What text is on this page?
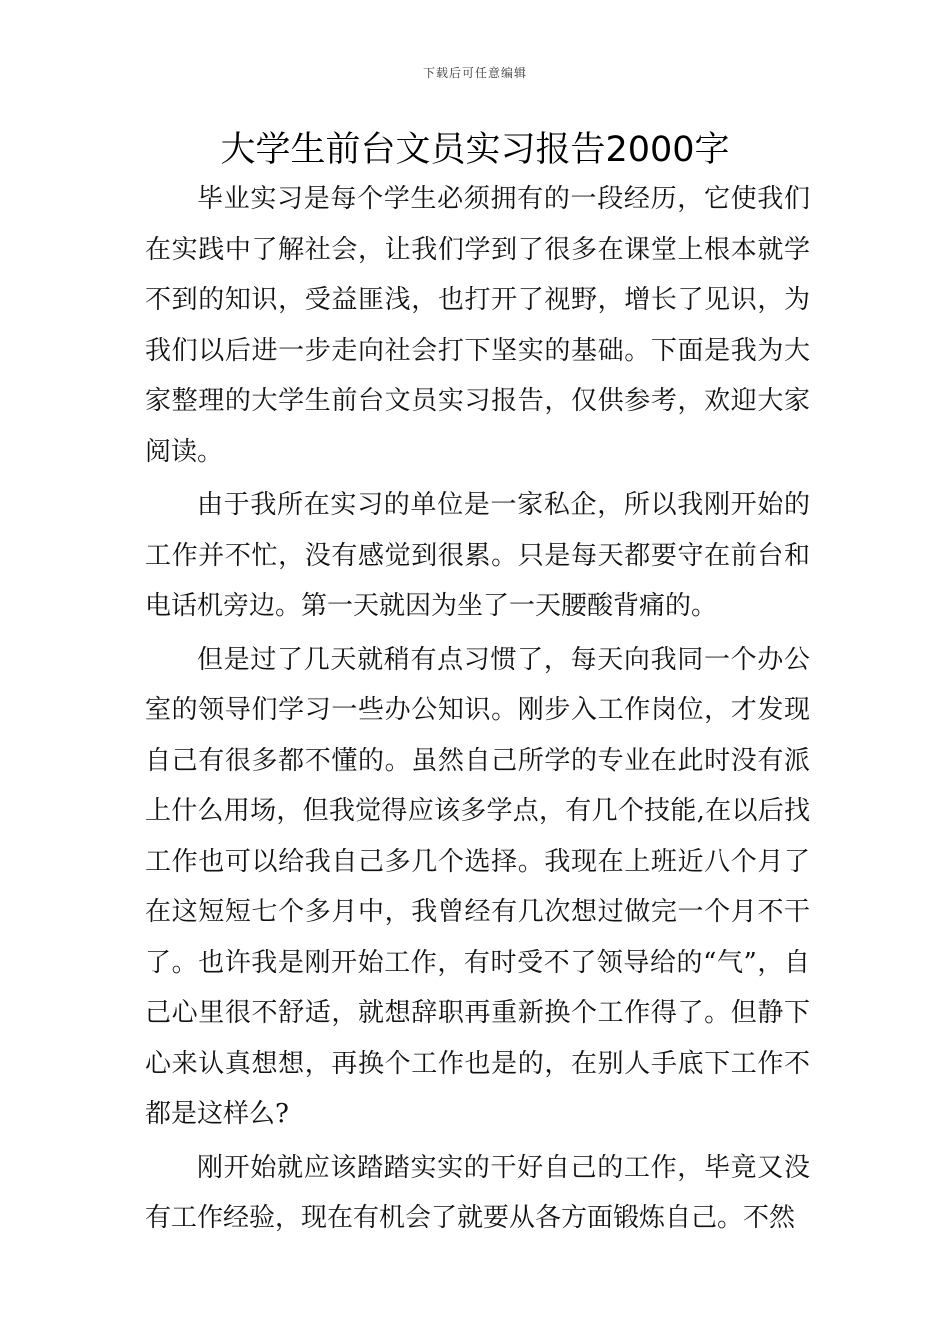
下载后可任意编辑
大学生前台文员实习报告2000字

毕业实习是每个学生必须拥有的一段经历，它使我们在实践中了解社会，让我们学到了很多在课堂上根本就学不到的知识，受益匪浅，也打开了视野，增长了见识，为我们以后进一步走向社会打下坚实的基础。下面是我为大家整理的大学生前台文员实习报告，仅供参考，欢迎大家阅读。

由于我所在实习的单位是一家私企，所以我刚开始的工作并不忙，没有感觉到很累。只是每天都要守在前台和电话机旁边。第一天就因为坐了一天腰酸背痛的。

但是过了几天就稍有点习惯了，每天向我同一个办公室的领导们学习一些办公知识。刚步入工作岗位，才发现自己有很多都不懂的。虽然自己所学的专业在此时没有派上什么用场，但我觉得应该多学点，有几个技能,在以后找工作也可以给我自己多几个选择。我现在上班近八个月了在这短短七个多月中，我曾经有几次想过做完一个月不干了。也许我是刚开始工作，有时受不了领导给的“气”，自己心里很不舒适，就想辞职再重新换个工作得了。但静下心来认真想想，再换个工作也是的，在别人手底下工作不都是这样么?

刚开始就应该踏踏实实的干好自己的工作，毕竟又没有工作经验，现在有机会了就要从各方面锻炼自己。不然
